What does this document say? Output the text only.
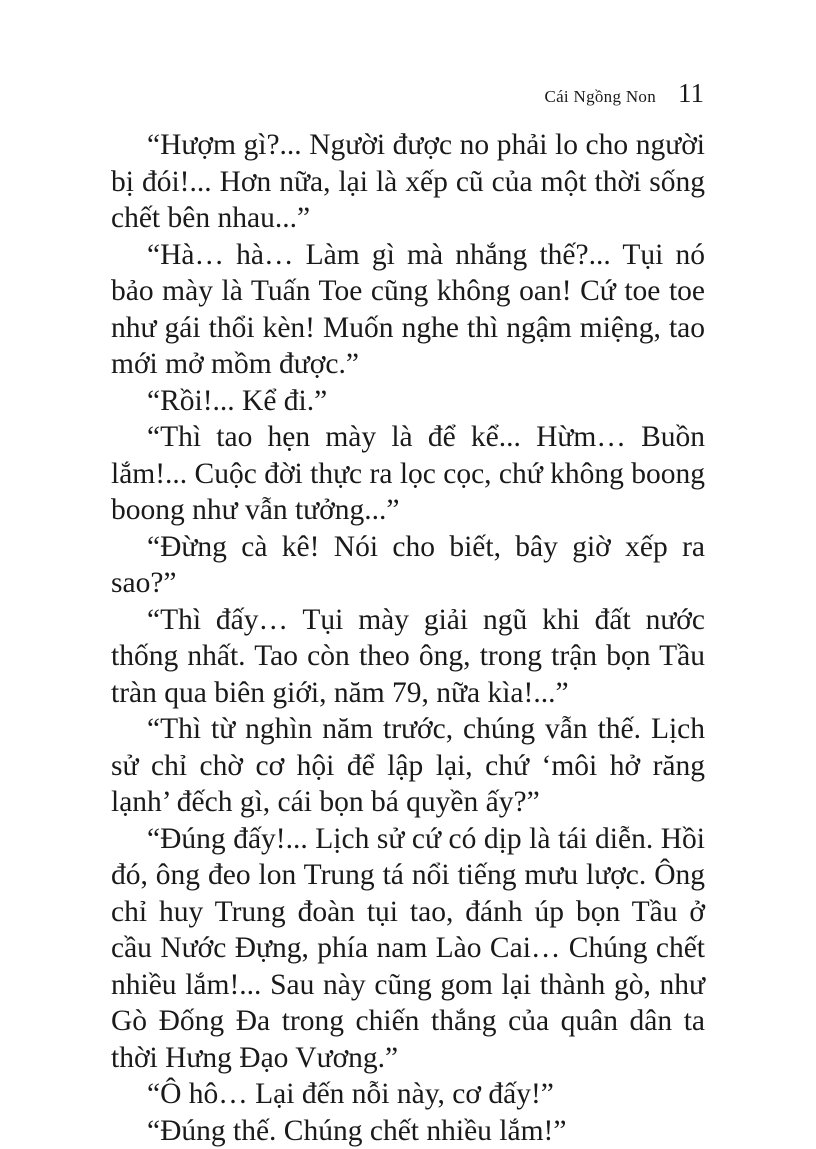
Cái Ngồng Non 11

“Hượm gì?... Người được no phải lo cho người bị đói!... Hơn nữa, lại là xếp cũ của một thời sống chết bên nhau...”

“Hà… hà… Làm gì mà nhắng thế?... Tụi nó bảo mày là Tuấn Toe cũng không oan! Cứ toe toe như gái thổi kèn! Muốn nghe thì ngậm miệng, tao mới mở mồm được.”

“Rồi!... Kể đi.”

“Thì tao hẹn mày là để kể... Hừm… Buồn lắm!... Cuộc đời thực ra lọc cọc, chứ không boong boong như vẫn tưởng...”

“Đừng cà kê! Nói cho biết, bây giờ xếp ra sao?”

“Thì đấy… Tụi mày giải ngũ khi đất nước thống nhất. Tao còn theo ông, trong trận bọn Tầu tràn qua biên giới, năm 79, nữa kìa!...”

“Thì từ nghìn năm trước, chúng vẫn thế. Lịch sử chỉ chờ cơ hội để lập lại, chứ ‘môi hở răng lạnh’ đếch gì, cái bọn bá quyền ấy?”

“Đúng đấy!... Lịch sử cứ có dịp là tái diễn. Hồi đó, ông đeo lon Trung tá nổi tiếng mưu lược. Ông chỉ huy Trung đoàn tụi tao, đánh úp bọn Tầu ở cầu Nước Đựng, phía nam Lào Cai… Chúng chết nhiều lắm!... Sau này cũng gom lại thành gò, như Gò Đống Đa trong chiến thắng của quân dân ta thời Hưng Đạo Vương.”

“Ô hô… Lại đến nỗi này, cơ đấy!”

“Đúng thế. Chúng chết nhiều lắm!”
